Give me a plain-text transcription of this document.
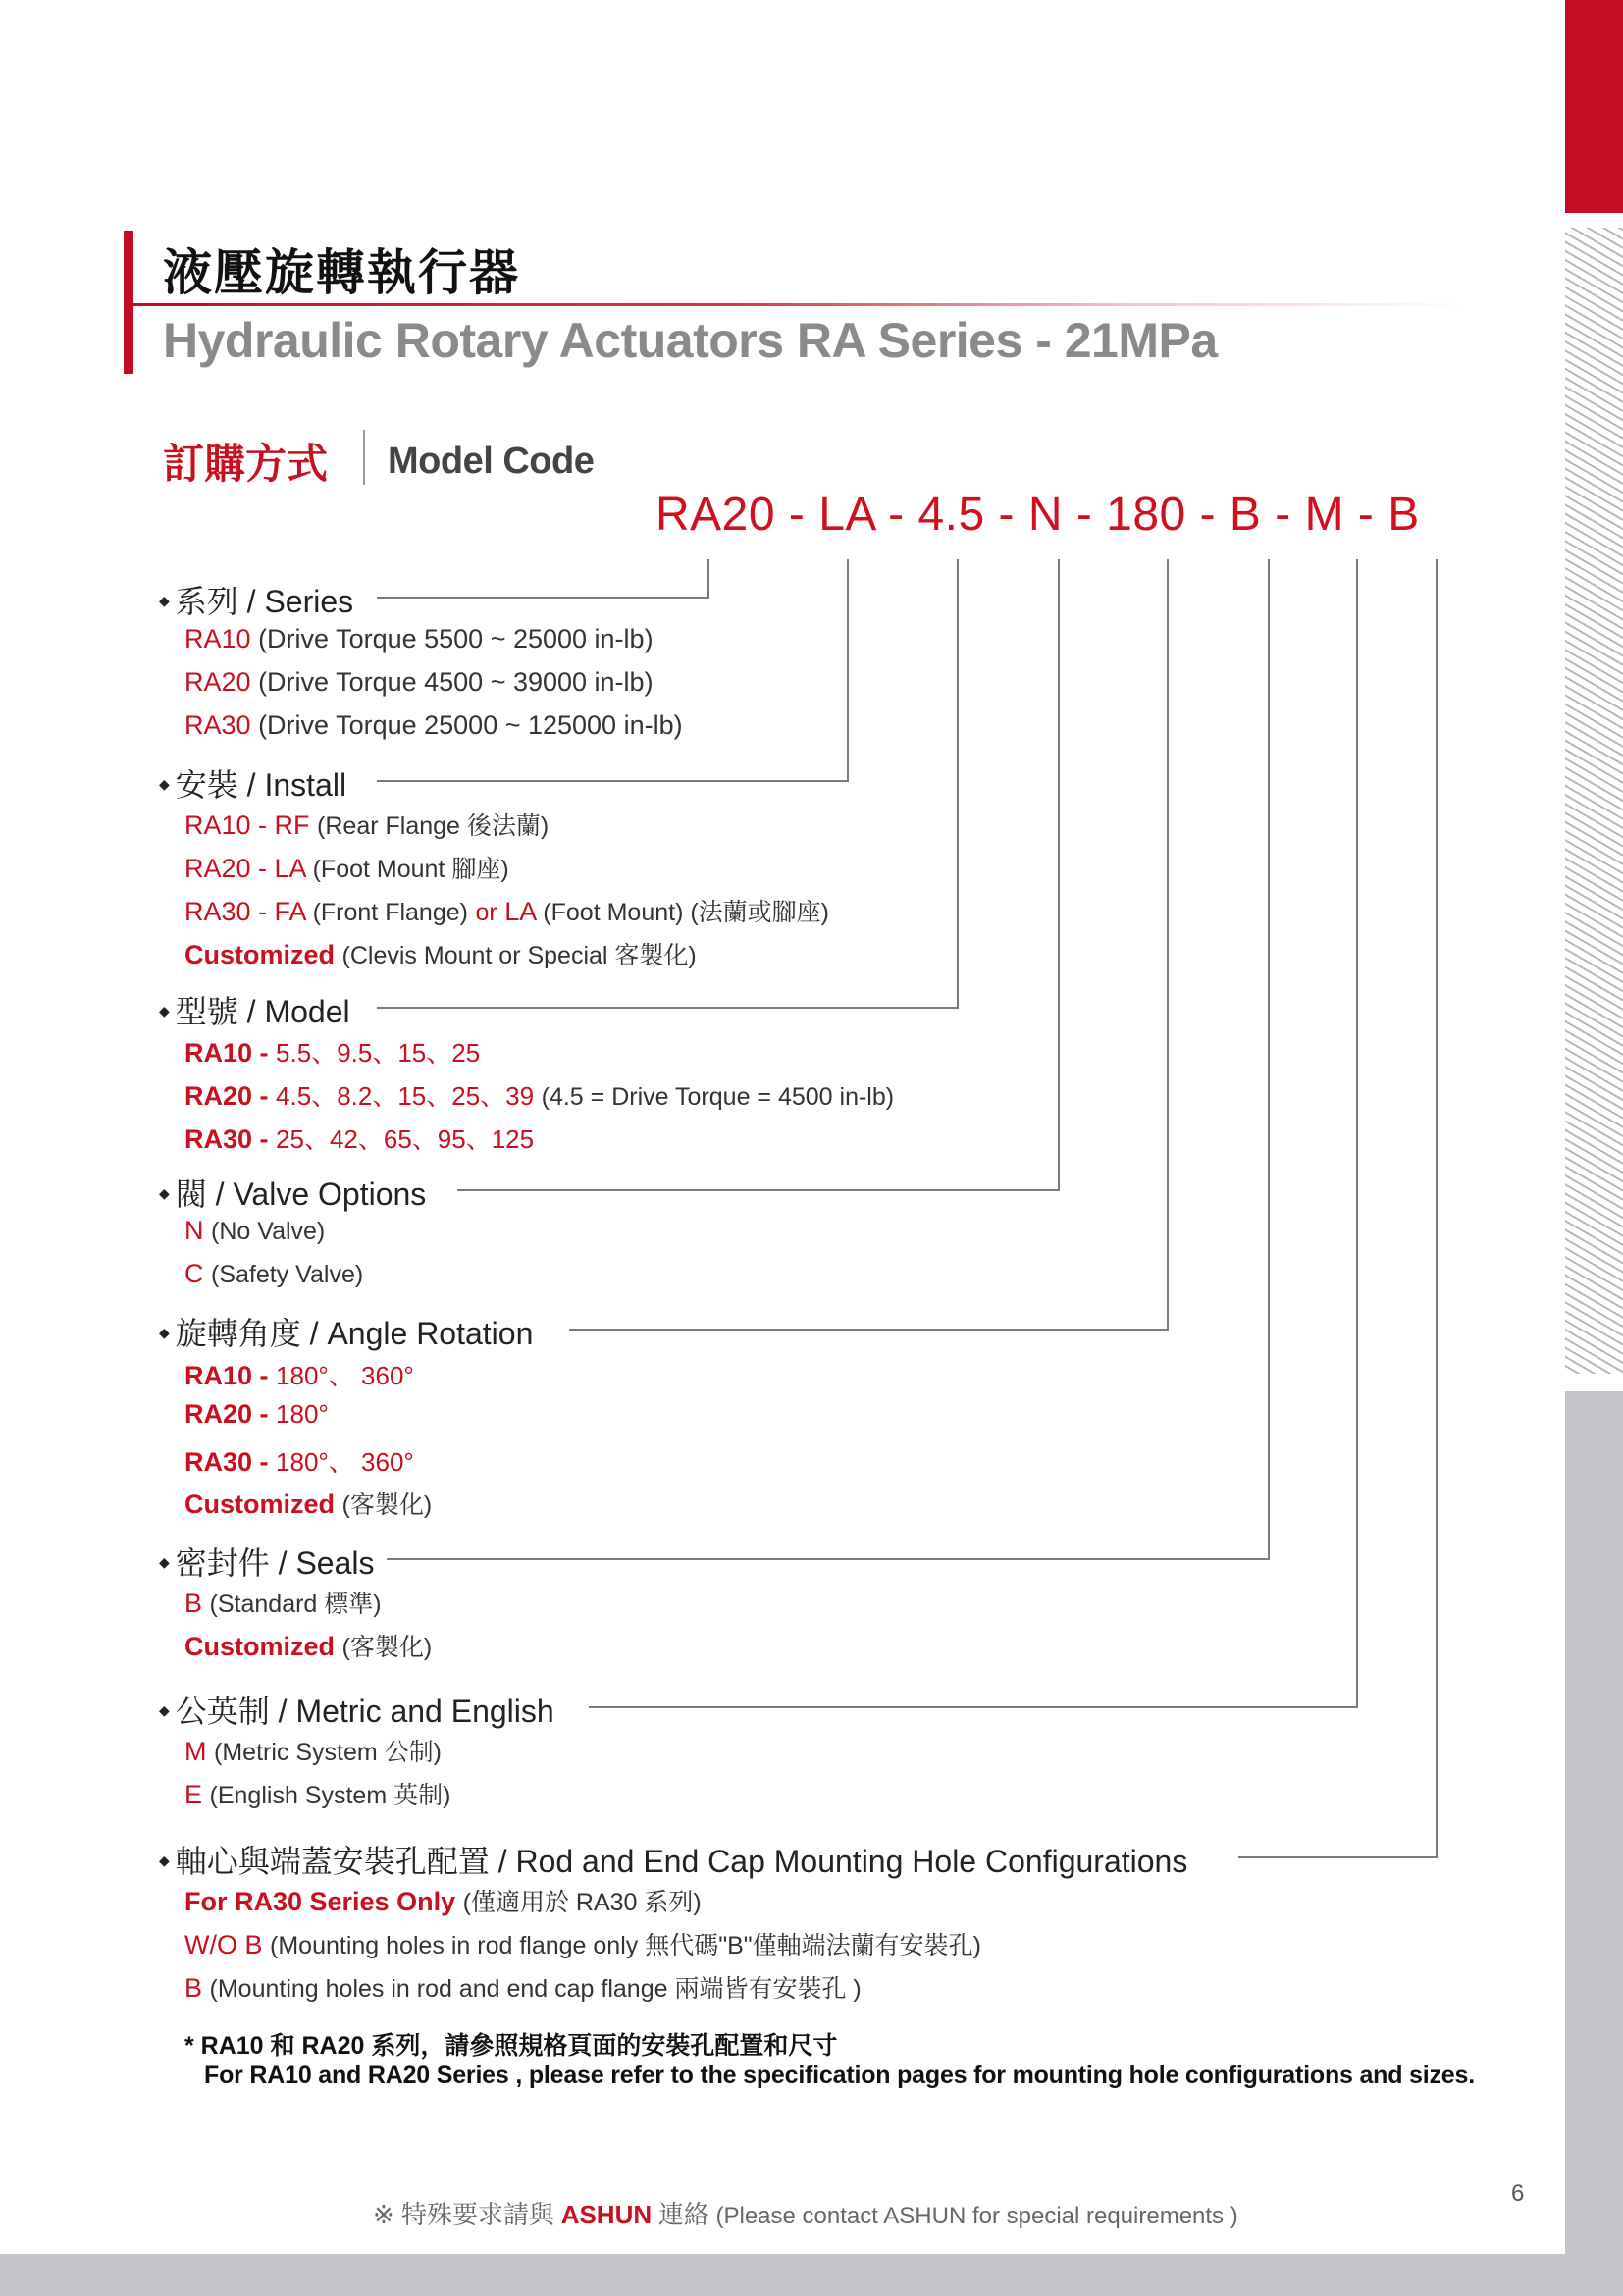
液壓旋轉執行器
Hydraulic Rotary Actuators RA Series - 21MPa
訂購方式 Model Code
RA20 - LA - 4.5 - N - 180 - B - M - B
◆ 系列 / Series
RA10 (Drive Torque 5500 ~ 25000 in-lb)
RA20 (Drive Torque 4500 ~ 39000 in-lb)
RA30 (Drive Torque 25000 ~ 125000 in-lb)
◆ 安裝 / Install
RA10 - RF (Rear Flange 後法蘭)
RA20 - LA (Foot Mount 腳座)
RA30 - FA (Front Flange) or LA (Foot Mount) (法蘭或腳座)
Customized (Clevis Mount or Special 客製化)
◆ 型號 / Model
RA10 - 5.5、9.5、15、25
RA20 - 4.5、8.2、15、25、39 (4.5 = Drive Torque = 4500 in-lb)
RA30 - 25、42、65、95、125
◆ 閥 / Valve Options
N (No Valve)
C (Safety Valve)
◆ 旋轉角度 / Angle Rotation
RA10 - 180°、 360°
RA20 - 180°
RA30 - 180°、 360°
Customized (客製化)
◆ 密封件 / Seals
B (Standard 標準)
Customized (客製化)
◆ 公英制 / Metric and English
M (Metric System 公制)
E (English System 英制)
◆ 軸心與端蓋安裝孔配置 / Rod and End Cap Mounting Hole Configurations
For RA30 Series Only (僅適用於 RA30 系列)
W/O B (Mounting holes in rod flange only 無代碼"B"僅軸端法蘭有安裝孔)
B (Mounting holes in rod and end cap flange 兩端皆有安裝孔 )
* RA10 和 RA20 系列，請參照規格頁面的安裝孔配置和尺寸
For RA10 and RA20 Series , please refer to the specification pages for mounting hole configurations and sizes.
※ 特殊要求請與 ASHUN 連絡 (Please contact ASHUN for special requirements )
6
